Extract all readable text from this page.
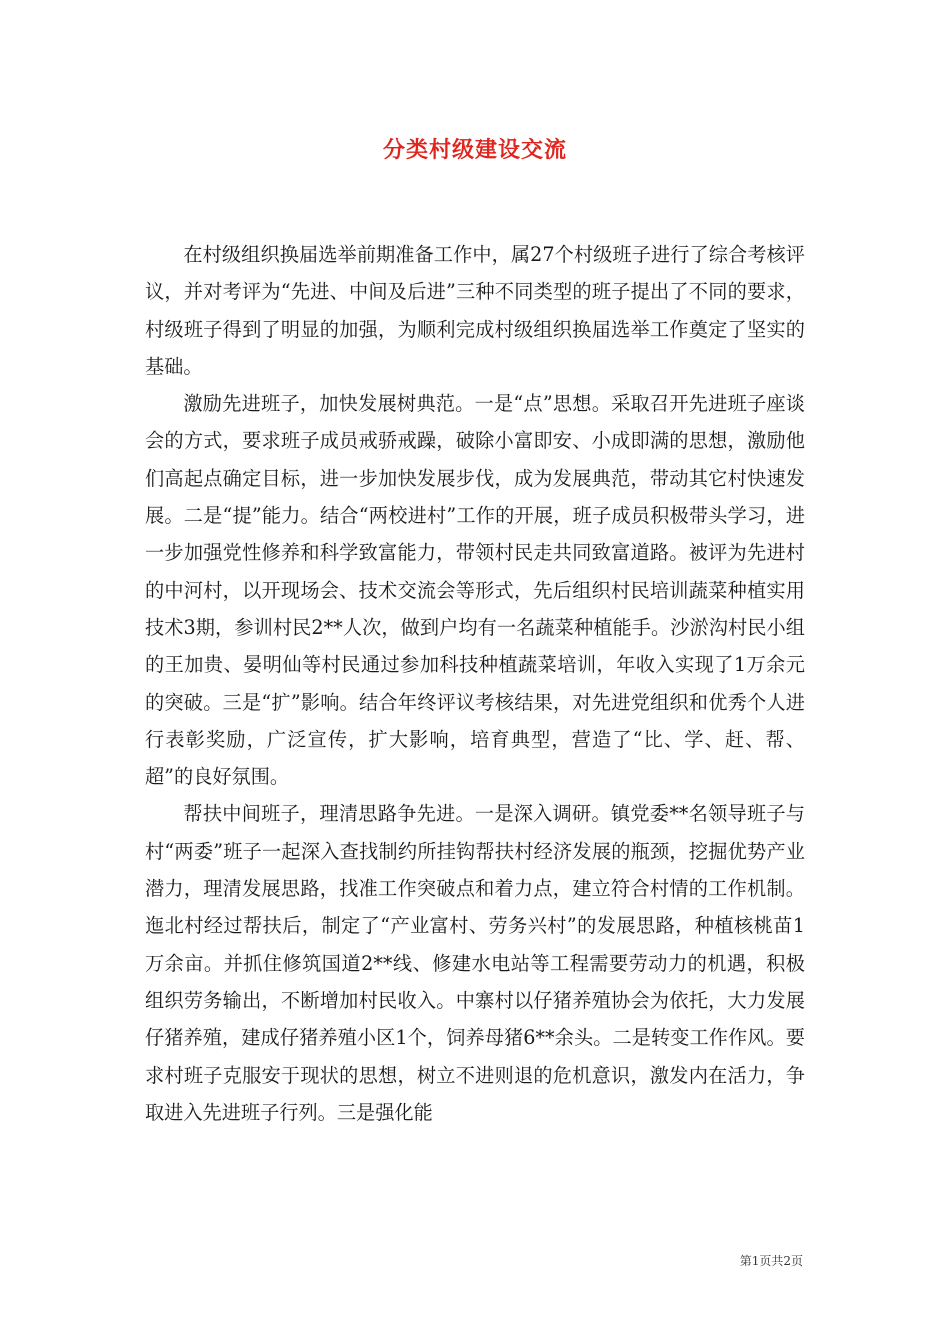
分类村级建设交流

在村级组织换届选举前期准备工作中，属27个村级班子进行了综合考核评议，并对考评为“先进、中间及后进”三种不同类型的班子提出了不同的要求，村级班子得到了明显的加强，为顺利完成村级组织换届选举工作奠定了坚实的基础。

激励先进班子，加快发展树典范。一是“点”思想。采取召开先进班子座谈会的方式，要求班子成员戒骄戒躁，破除小富即安、小成即满的思想，激励他们高起点确定目标，进一步加快发展步伐，成为发展典范，带动其它村快速发展。二是“提”能力。结合“两校进村”工作的开展，班子成员积极带头学习，进一步加强党性修养和科学致富能力，带领村民走共同致富道路。被评为先进村的中河村，以开现场会、技术交流会等形式，先后组织村民培训蔬菜种植实用技术3期，参训村民2**人次，做到户均有一名蔬菜种植能手。沙淤沟村民小组的王加贵、晏明仙等村民通过参加科技种植蔬菜培训，年收入实现了1万余元的突破。三是“扩”影响。结合年终评议考核结果，对先进党组织和优秀个人进行表彰奖励，广泛宣传，扩大影响，培育典型，营造了“比、学、赶、帮、超”的良好氛围。

帮扶中间班子，理清思路争先进。一是深入调研。镇党委**名领导班子与村“两委”班子一起深入查找制约所挂钩帮扶村经济发展的瓶颈，挖掘优势产业潜力，理清发展思路，找准工作突破点和着力点，建立符合村情的工作机制。迤北村经过帮扶后，制定了“产业富村、劳务兴村”的发展思路，种植核桃苗1万余亩。并抓住修筑国道2**线、修建水电站等工程需要劳动力的机遇，积极组织劳务输出，不断增加村民收入。中寨村以仔猪养殖协会为依托，大力发展仔猪养殖，建成仔猪养殖小区1个，饲养母猪6**余头。二是转变工作作风。要求村班子克服安于现状的思想，树立不进则退的危机意识，激发内在活力，争取进入先进班子行列。三是强化能

第1页共2页
